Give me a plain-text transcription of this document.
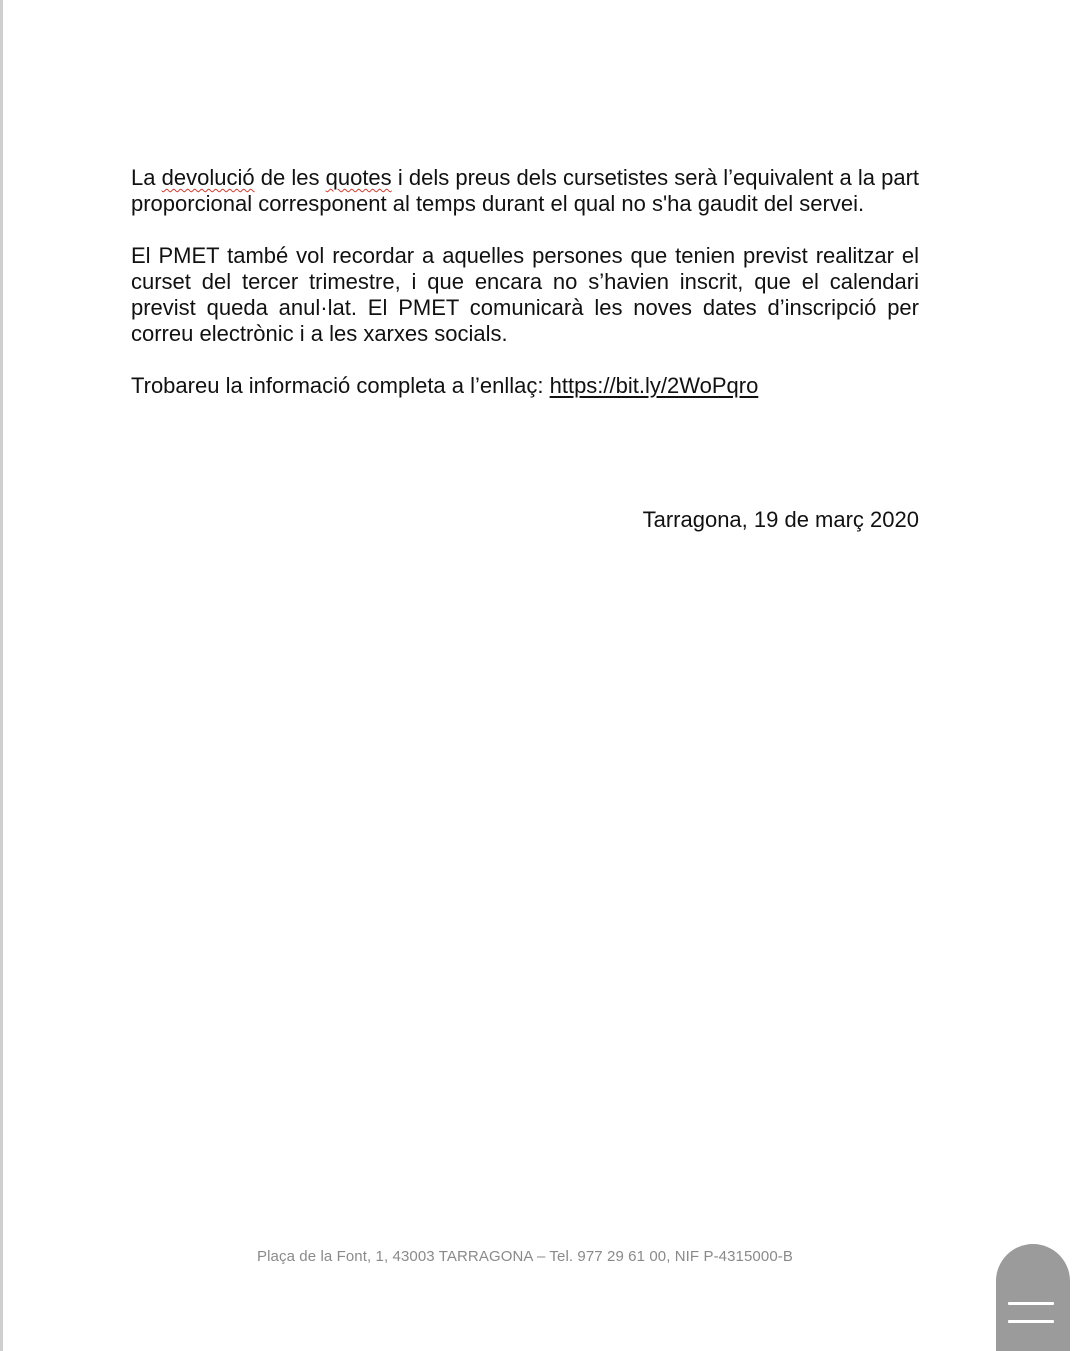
La devolució de les quotes i dels preus dels cursetistes serà l’equivalent a la part proporcional corresponent al temps durant el qual no s'ha gaudit del servei.

El PMET també vol recordar a aquelles persones que tenien previst realitzar el curset del tercer trimestre, i que encara no s’havien inscrit, que el calendari previst queda anul·lat. El PMET comunicarà les noves dates d’inscripció per correu electrònic i a les xarxes socials.

Trobareu la informació completa a l’enllaç: https://bit.ly/2WoPqro

Tarragona, 19 de març 2020
Plaça de la Font, 1, 43003 TARRAGONA – Tel. 977 29 61 00, NIF P-4315000-B
